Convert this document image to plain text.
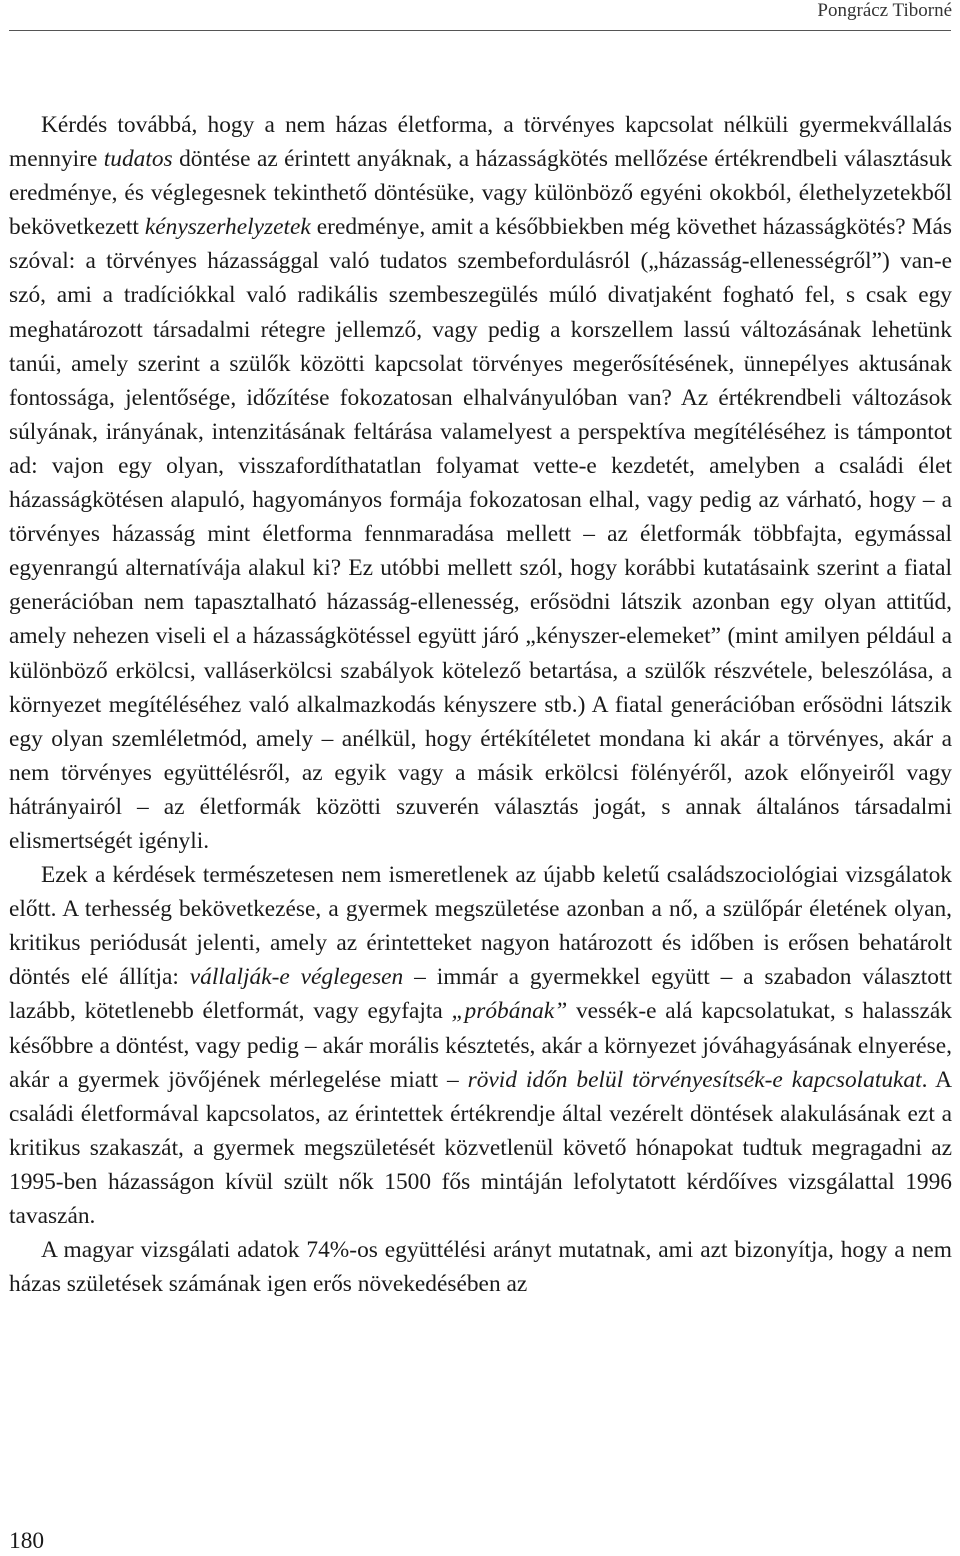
Pongrácz Tiborné

Kérdés továbbá, hogy a nem házas életforma, a törvényes kapcsolat nélküli gyermekvállalás mennyire tudatos döntése az érintett anyáknak, a házasságkötés mellőzése értékrendbeli választásuk eredménye, és véglegesnek tekinthető döntésüke, vagy különböző egyéni okokból, élethelyzetekből bekövetkezett kényszerhelyzetek eredménye, amit a későbbiekben még követhet házasságkötés? Más szóval: a törvényes házassággal való tudatos szembefordulásról („házasság-ellenességről”) van-e szó, ami a tradíciókkal való radikális szembeszegülés múló divatjaként fogható fel, s csak egy meghatározott társadalmi rétegre jellemző, vagy pedig a korszellem lassú változásának lehetünk tanúi, amely szerint a szülők közötti kapcsolat törvényes megerősítésének, ünnepélyes aktusának fontossága, jelentősége, időzítése fokozatosan elhalványulóban van? Az értékrendbeli változások súlyának, irányának, intenzitásának feltárása valamelyest a perspektíva megítéléséhez is támpontot ad: vajon egy olyan, visszafordíthatatlan folyamat vette-e kezdetét, amelyben a családi élet házasságkötésen alapuló, hagyományos formája fokozatosan elhal, vagy pedig az várható, hogy – a törvényes házasság mint életforma fennmaradása mellett – az életformák többfajta, egymással egyenrangú alternatívája alakul ki? Ez utóbbi mellett szól, hogy korábbi kutatásaink szerint a fiatal generációban nem tapasztalható házasság-ellenesség, erősödni látszik azonban egy olyan attitűd, amely nehezen viseli el a házasságkötéssel együtt járó „kényszer-elemeket” (mint amilyen például a különböző erkölcsi, valláserkölcsi szabályok kötelező betartása, a szülők részvétele, beleszólása, a környezet megítéléséhez való alkalmazkodás kényszere stb.) A fiatal generációban erősödni látszik egy olyan szemléletmód, amely – anélkül, hogy értékítéletet mondana ki akár a törvényes, akár a nem törvényes együttélésről, az egyik vagy a másik erkölcsi fölényéről, azok előnyeiről vagy hátrányairól – az életformák közötti szuverén választás jogát, s annak általános társadalmi elismertségét igényli.

Ezek a kérdések természetesen nem ismeretlenek az újabb keletű családszociológiai vizsgálatok előtt. A terhesség bekövetkezése, a gyermek megszületése azonban a nő, a szülőpár életének olyan, kritikus periódusát jelenti, amely az érintetteket nagyon határozott és időben is erősen behatárolt döntés elé állítja: vállalják-e véglegesen – immár a gyermekkel együtt – a szabadon választott lazább, kötetlenebb életformát, vagy egyfajta „próbának” vessék-e alá kapcsolatukat, s halasszák későbbre a döntést, vagy pedig – akár morális késztetés, akár a környezet jóváhagyásának elnyerése, akár a gyermek jövőjének mérlegelése miatt – rövid időn belül törvényesítsék-e kapcsolatukat. A családi életformával kapcsolatos, az érintettek értékrendje által vezérelt döntések alakulásának ezt a kritikus szakaszát, a gyermek megszületését közvetlenül követő hónapokat tudtuk megragadni az 1995-ben házasságon kívül szült nők 1500 fős mintáján lefolytatott kérdőíves vizsgálattal 1996 tavaszán.

A magyar vizsgálati adatok 74%-os együttélési arányt mutatnak, ami azt bizonyítja, hogy a nem házas születések számának igen erős növekedésében az

180
